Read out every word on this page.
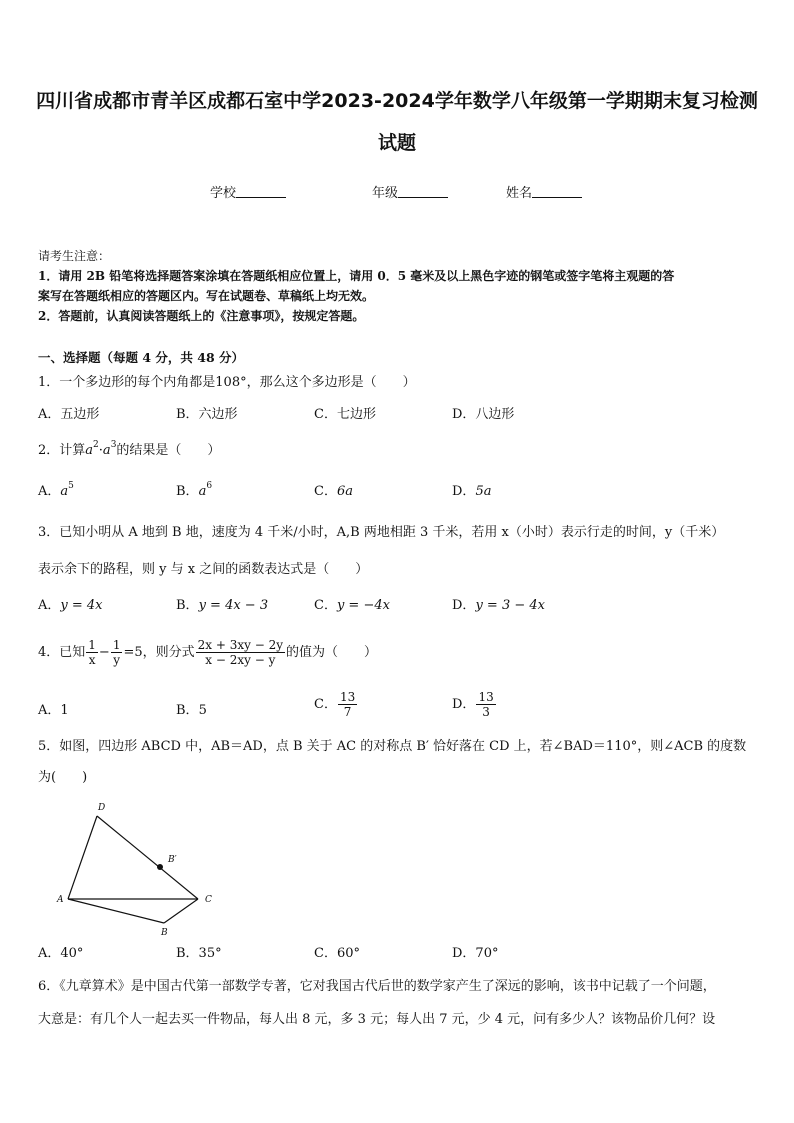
四川省成都市青羊区成都石室中学2023-2024学年数学八年级第一学期期末复习检测
试题
学校	年级	姓名
请考生注意：
1．请用 2B 铅笔将选择题答案涂填在答题纸相应位置上，请用 0．5 毫米及以上黑色字迹的钢笔或签字笔将主观题的答
案写在答题纸相应的答题区内。写在试题卷、草稿纸上均无效。
2．答题前，认真阅读答题纸上的《注意事项》，按规定答题。
一、选择题（每题 4 分，共 48 分）
1．一个多边形的每个内角都是108°，那么这个多边形是（　　）
A．五边形	B．六边形	C．七边形	D．八边形
2．计算$a^2\cdot a^3$的结果是（　　）
A．$a^5$	B．$a^6$	C．6a	D．5a
3．已知小明从 A 地到 B 地，速度为 4 千米/小时，A,B 两地相距 3 千米，若用 x（小时）表示行走的时间，y（千米）
表示余下的路程，则 y 与 x 之间的函数表达式是（　　）
A．y = 4x	B．y = 4x − 3	C．y = −4x	D．y = 3 − 4x
4．已知 $\frac{1}{x} - \frac{1}{y} =5$，则分式 $\frac{2x + 3xy - 2y}{x - 2xy - y}$ 的值为（　　）
A．1	B．5	C． $\frac{13}{7}$	D． $\frac{13}{3}$
5．如图，四边形 ABCD 中，AB＝AD，点 B 关于 AC 的对称点 B′ 恰好落在 CD 上，若∠BAD＝110°，则∠ACB 的度数
为(　　)
D
A	C
B
B′
A．40°	B．35°	C．60°	D．70°
6．《九章算术》是中国古代第一部数学专著，它对我国古代后世的数学家产生了深远的影响，该书中记载了一个问题，
大意是：有几个人一起去买一件物品，每人出 8 元，多 3 元；每人出 7 元，少 4 元，问有多少人？该物品价几何？设
